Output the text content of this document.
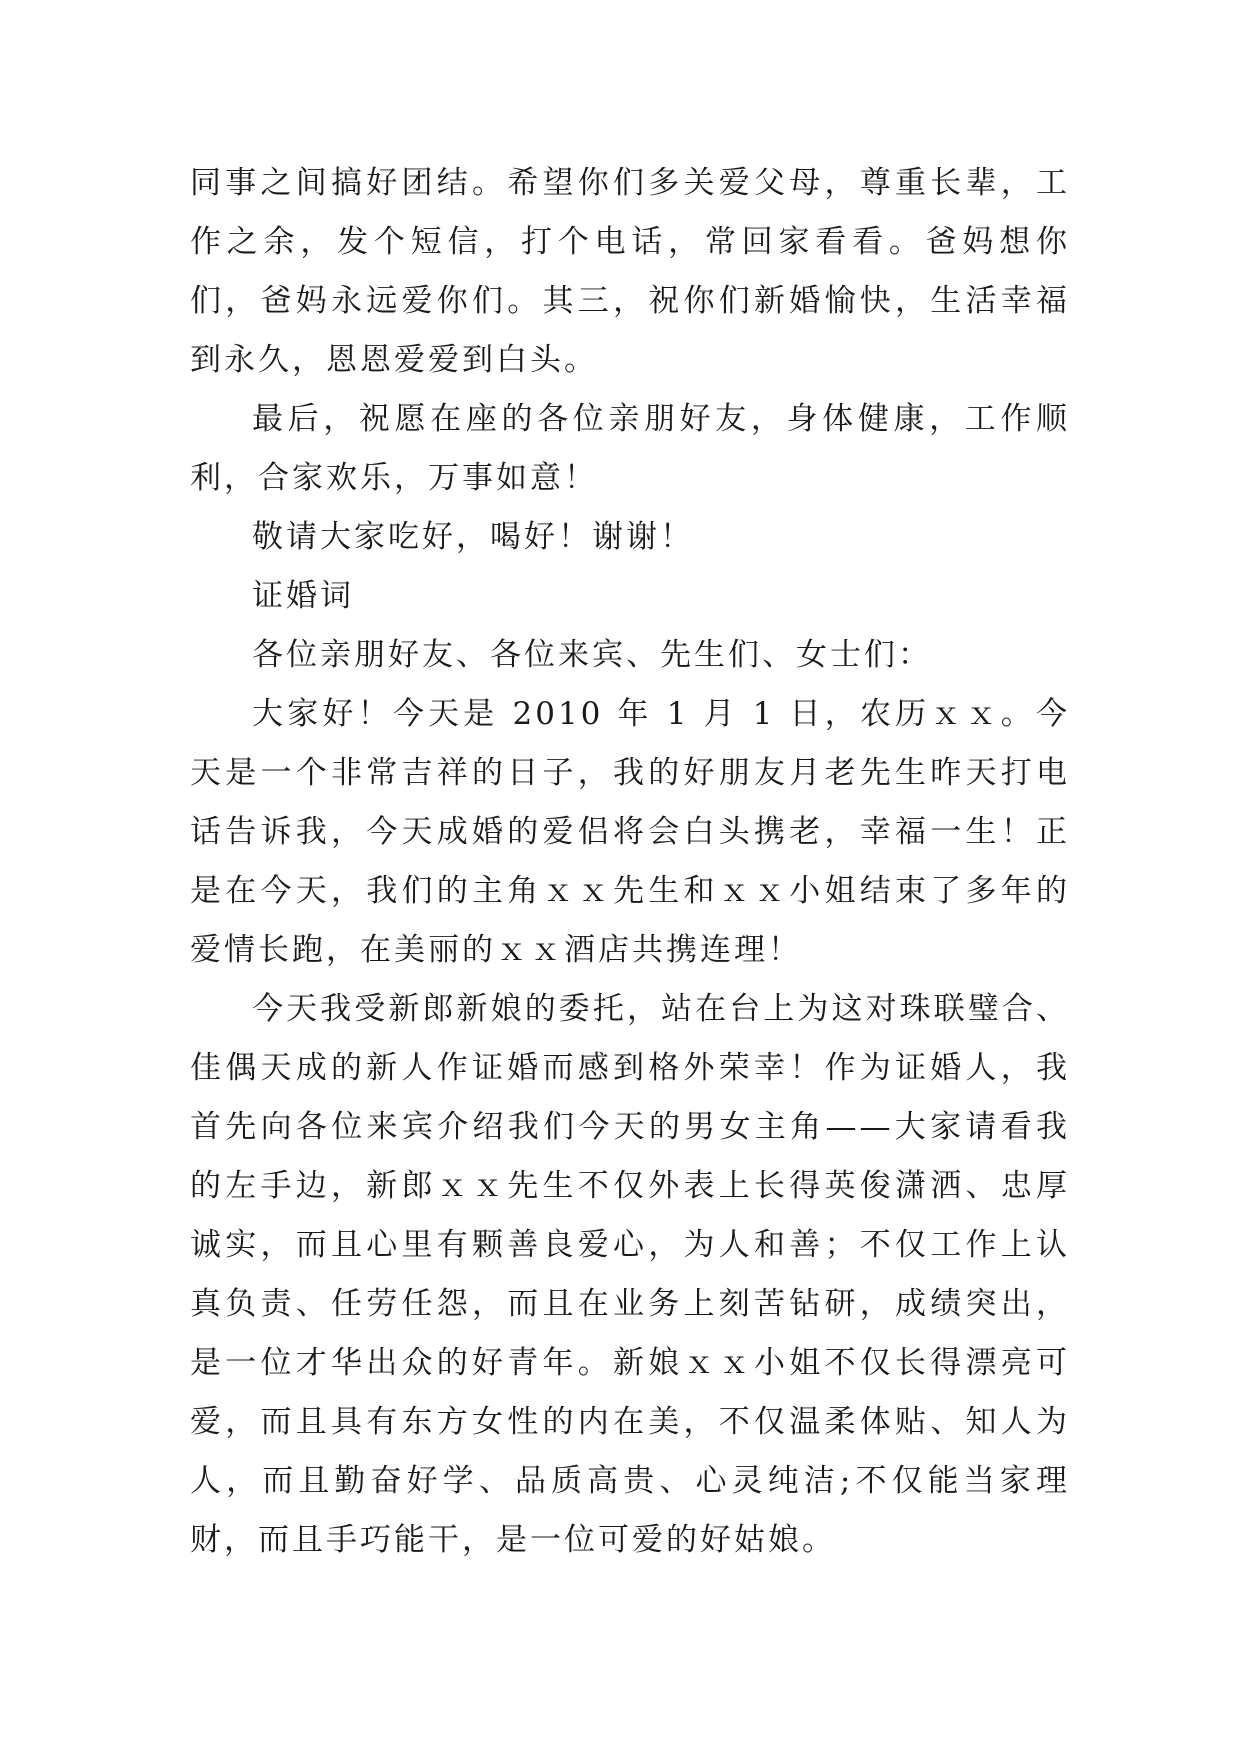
同事之间搞好团结。希望你们多关爱父母，尊重长辈，工作之余，发个短信，打个电话，常回家看看。爸妈想你们，爸妈永远爱你们。其三，祝你们新婚愉快，生活幸福到永久，恩恩爱爱到白头。

最后，祝愿在座的各位亲朋好友，身体健康，工作顺利，合家欢乐，万事如意！

敬请大家吃好，喝好！谢谢！

证婚词

各位亲朋好友、各位来宾、先生们、女士们：

大家好！今天是 2010 年 1 月 1 日，农历ｘｘ。今天是一个非常吉祥的日子，我的好朋友月老先生昨天打电话告诉我，今天成婚的爱侣将会白头携老，幸福一生！正是在今天，我们的主角ｘｘ先生和ｘｘ小姐结束了多年的爱情长跑，在美丽的ｘｘ酒店共携连理！

今天我受新郎新娘的委托，站在台上为这对珠联璧合、佳偶天成的新人作证婚而感到格外荣幸！作为证婚人，我首先向各位来宾介绍我们今天的男女主角——大家请看我的左手边，新郎ｘｘ先生不仅外表上长得英俊潇洒、忠厚诚实，而且心里有颗善良爱心，为人和善；不仅工作上认真负责、任劳任怨，而且在业务上刻苦钻研，成绩突出，是一位才华出众的好青年。新娘ｘｘ小姐不仅长得漂亮可爱，而且具有东方女性的内在美，不仅温柔体贴、知人为人，而且勤奋好学、品质高贵、心灵纯洁;不仅能当家理财，而且手巧能干，是一位可爱的好姑娘。
